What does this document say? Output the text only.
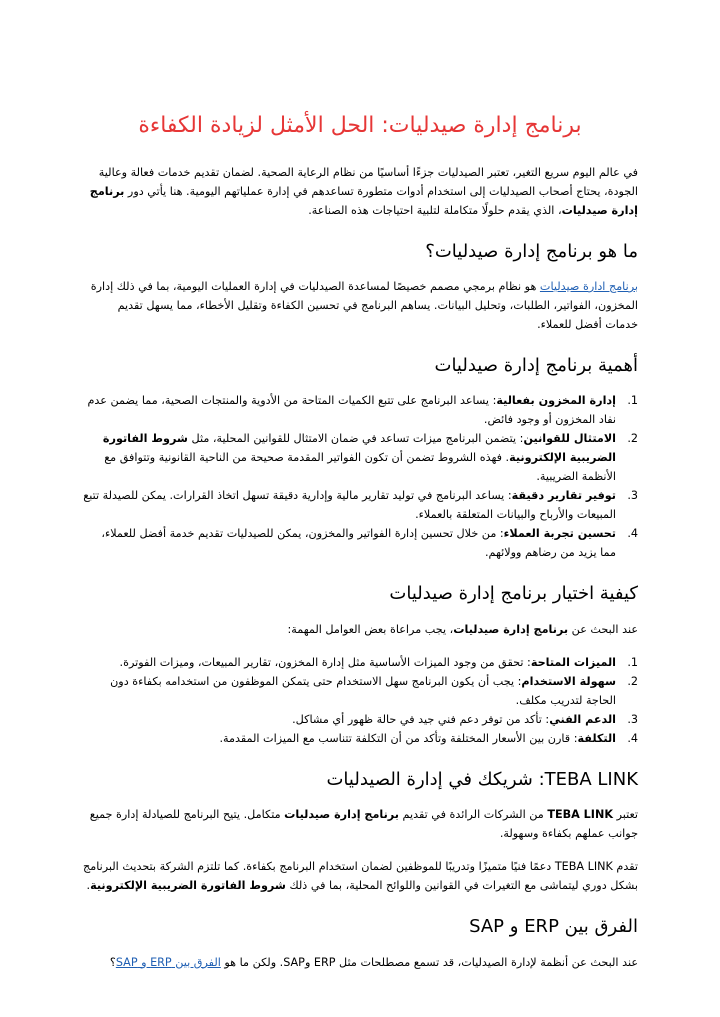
برنامج إدارة صيدليات: الحل الأمثل لزيادة الكفاءة

في عالم اليوم سريع التغير، تعتبر الصيدليات جزءًا أساسيًا من نظام الرعاية الصحية. لضمان تقديم خدمات فعالة وعالية الجودة، يحتاج أصحاب الصيدليات إلى استخدام أدوات متطورة تساعدهم في إدارة عملياتهم اليومية. هنا يأتي دور برنامج إدارة صيدليات، الذي يقدم حلولًا متكاملة لتلبية احتياجات هذه الصناعة.

ما هو برنامج إدارة صيدليات؟

برنامج ادارة صيدليات هو نظام برمجي مصمم خصيصًا لمساعدة الصيدليات في إدارة العمليات اليومية، بما في ذلك إدارة المخزون، الفواتير، الطلبات، وتحليل البيانات. يساهم البرنامج في تحسين الكفاءة وتقليل الأخطاء، مما يسهل تقديم خدمات أفضل للعملاء.

أهمية برنامج إدارة صيدليات
1.
إدارة المخزون بفعالية: يساعد البرنامج على تتبع الكميات المتاحة من الأدوية والمنتجات الصحية، مما يضمن عدم نفاد المخزون أو وجود فائض.
2.
الامتثال للقوانين: يتضمن البرنامج ميزات تساعد في ضمان الامتثال للقوانين المحلية، مثل شروط الفاتورة الضريبية الإلكترونية. فهذه الشروط تضمن أن تكون الفواتير المقدمة صحيحة من الناحية القانونية وتتوافق مع الأنظمة الضريبية.
3.
توفير تقارير دقيقة: يساعد البرنامج في توليد تقارير مالية وإدارية دقيقة تسهل اتخاذ القرارات. يمكن للصيدلة تتبع المبيعات والأرباح والبيانات المتعلقة بالعملاء.
4.
تحسين تجربة العملاء: من خلال تحسين إدارة الفواتير والمخزون، يمكن للصيدليات تقديم خدمة أفضل للعملاء، مما يزيد من رضاهم وولائهم.
كيفية اختيار برنامج إدارة صيدليات

عند البحث عن برنامج إدارة صيدليات، يجب مراعاة بعض العوامل المهمة:

1.
الميزات المتاحة: تحقق من وجود الميزات الأساسية مثل إدارة المخزون، تقارير المبيعات، وميزات الفوترة.
2.
سهولة الاستخدام: يجب أن يكون البرنامج سهل الاستخدام حتى يتمكن الموظفون من استخدامه بكفاءة دون الحاجة لتدريب مكلف.
3.
الدعم الفني: تأكد من توفر دعم فني جيد في حالة ظهور أي مشاكل.
4.
التكلفة: قارن بين الأسعار المختلفة وتأكد من أن التكلفة تتناسب مع الميزات المقدمة.
TEBA LINK: شريكك في إدارة الصيدليات

تعتبر TEBA LINK من الشركات الرائدة في تقديم برنامج إدارة صيدليات متكامل. يتيح البرنامج للصيادلة إدارة جميع جوانب عملهم بكفاءة وسهولة.

تقدم TEBA LINK دعمًا فنيًا متميزًا وتدريبًا للموظفين لضمان استخدام البرنامج بكفاءة. كما تلتزم الشركة بتحديث البرنامج بشكل دوري ليتماشى مع التغيرات في القوانين واللوائح المحلية، بما في ذلك شروط الفاتورة الضريبية الإلكترونية.

الفرق بين ERP و SAP

عند البحث عن أنظمة لإدارة الصيدليات، قد تسمع مصطلحات مثل ERP وSAP. ولكن ما هو الفرق بين ERP و SAP؟
